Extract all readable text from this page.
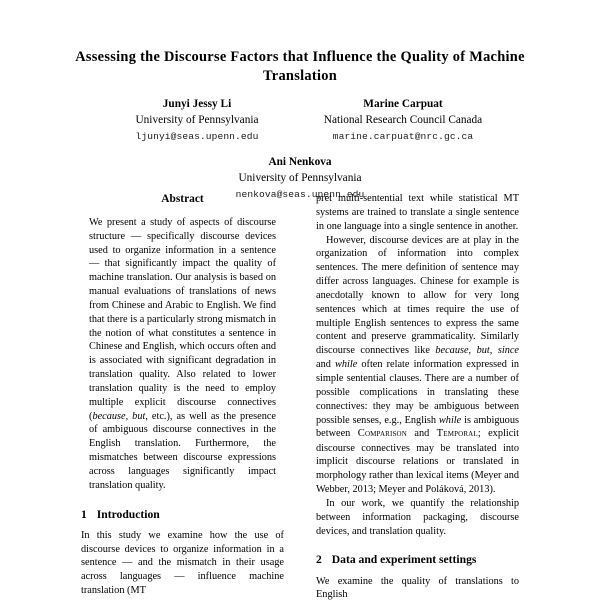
Assessing the Discourse Factors that Influence the Quality of Machine Translation
Junyi Jessy Li
University of Pennsylvania
ljunyi@seas.upenn.edu
Marine Carpuat
National Research Council Canada
marine.carpuat@nrc.gc.ca
Ani Nenkova
University of Pennsylvania
nenkova@seas.upenn.edu
Abstract

We present a study of aspects of discourse structure — specifically discourse devices used to organize information in a sentence — that significantly impact the quality of machine translation. Our analysis is based on manual evaluations of translations of news from Chinese and Arabic to English. We find that there is a particularly strong mismatch in the notion of what constitutes a sentence in Chinese and English, which occurs often and is associated with significant degradation in translation quality. Also related to lower translation quality is the need to employ multiple explicit discourse connectives (because, but, etc.), as well as the presence of ambiguous discourse connectives in the English translation. Furthermore, the mismatches between discourse expressions across languages significantly impact translation quality.

1 Introduction

In this study we examine how the use of discourse devices to organize information in a sentence — and the mismatch in their usage across languages — influence machine translation (MT

pret multi-sentential text while statistical MT systems are trained to translate a single sentence in one language into a single sentence in another.

However, discourse devices are at play in the organization of information into complex sentences. The mere definition of sentence may differ across languages. Chinese for example is anecdotally known to allow for very long sentences which at times require the use of multiple English sentences to express the same content and preserve grammaticality. Similarly discourse connectives like because, but, since and while often relate information expressed in simple sentential clauses. There are a number of possible complications in translating these connectives: they may be ambiguous between possible senses, e.g., English while is ambiguous between Comparison and Temporal; explicit discourse connectives may be translated into implicit discourse relations or translated in morphology rather than lexical items (Meyer and Webber, 2013; Meyer and Poláková, 2013).

In our work, we quantify the relationship between information packaging, discourse devices, and translation quality.

2 Data and experiment settings

We examine the quality of translations to English
